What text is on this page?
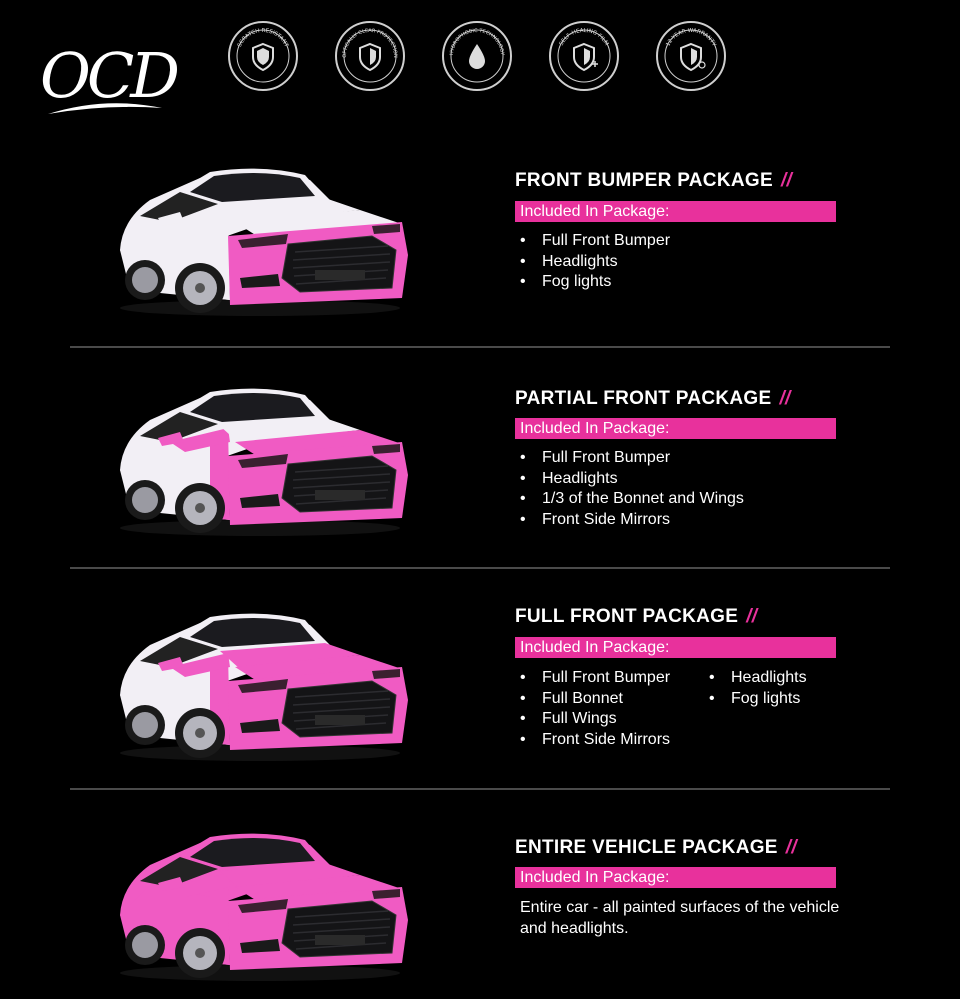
OCD	SCRATCH RESISTANT
OPTICALLY CLEAR PROTECTION
HYDROPHOBIC TECHNOLOGY
SELF-HEALING FILM	12-YEAR WARRANTY
FRONT BUMPER PACKAGE //
Included In Package:
• Full Front Bumper
• Headlights
• Fog lights
PARTIAL FRONT PACKAGE //
Included In Package:
• Full Front Bumper
• Headlights
• 1/3 of the Bonnet and Wings
• Front Side Mirrors
FULL FRONT PACKAGE //
Included In Package:
• Full Front Bumper
• Full Bonnet
• Full Wings
• Front Side Mirrors
• Headlights
• Fog lights
ENTIRE VEHICLE PACKAGE //
Included In Package:
Entire car - all painted surfaces of the vehicle and headlights.
